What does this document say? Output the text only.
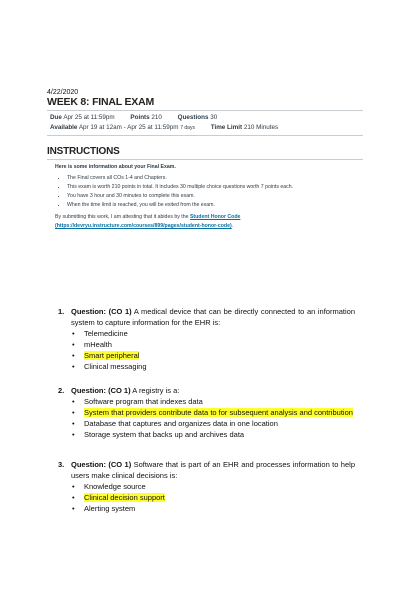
4/22/2020
WEEK 8: FINAL EXAM
Due Apr 25 at 11:59pm	Points 210	Questions 30
Available Apr 19 at 12am - Apr 25 at 11:59pm 7 days	Time Limit 210 Minutes
INSTRUCTIONS
Here is some information about your Final Exam.
• The Final covers all COs 1-4 and Chapters.
• This exam is worth 210 points in total. It includes 30 multiple choice questions worth 7 points each.
• You have 3 hour and 30 minutes to complete this exam.
• When the time limit is reached, you will be exited from the exam.
By submitting this work, I am attesting that it abides by the Student Honor Code
(https://devryu.instructure.com/courses/899/pages/student-honor-code).
1. Question: (CO 1) A medical device that can be directly connected to an information system to capture information for the EHR is:
• Telemedicine
• mHealth
• Smart peripheral
• Clinical messaging
2. Question: (CO 1) A registry is a:
• Software program that indexes data
• System that providers contribute data to for subsequent analysis and contribution
• Database that captures and organizes data in one location
• Storage system that backs up and archives data
3. Question: (CO 1) Software that is part of an EHR and processes information to help users make clinical decisions is:
• Knowledge source
• Clinical decision support
• Alerting system
